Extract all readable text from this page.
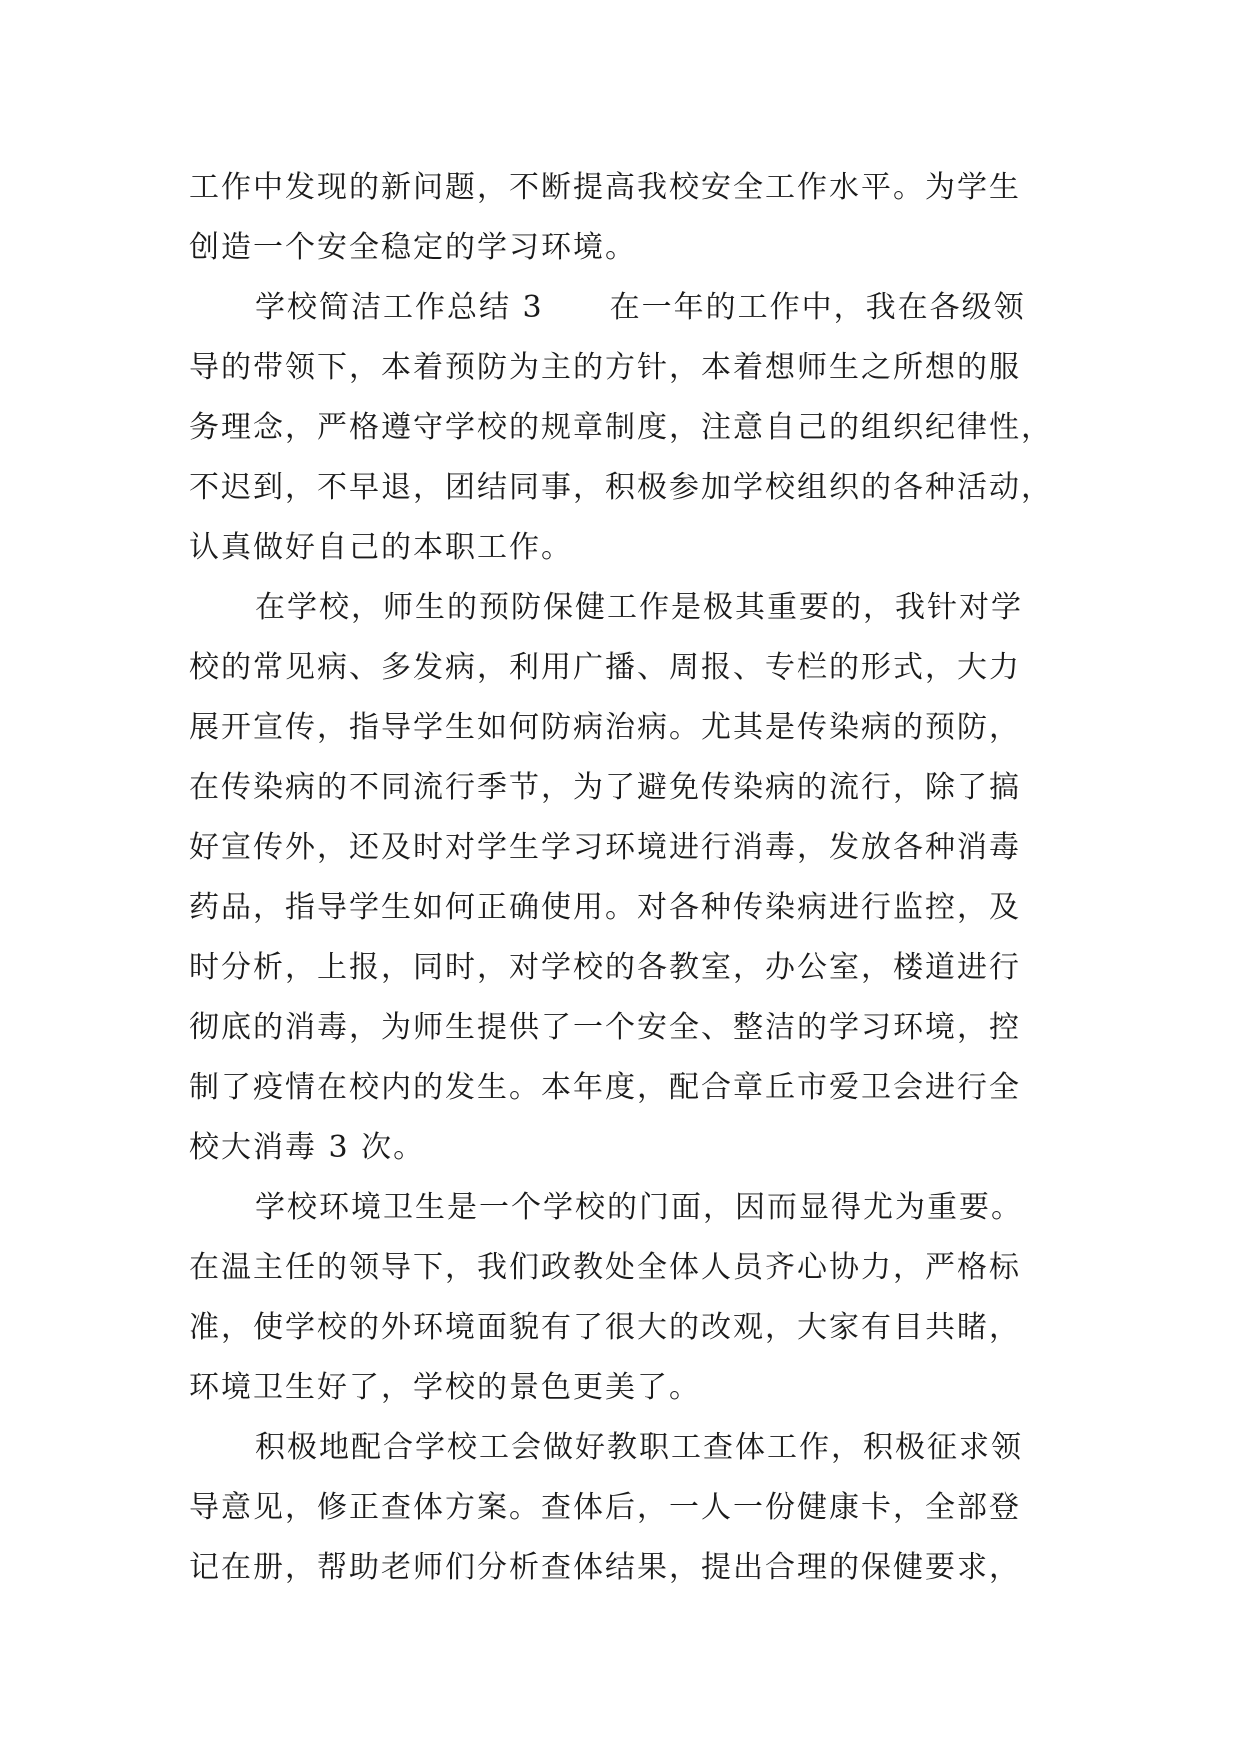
工作中发现的新问题，不断提高我校安全工作水平。为学生
创造一个安全稳定的学习环境。
学校简洁工作总结 3 在一年的工作中，我在各级领
导的带领下，本着预防为主的方针，本着想师生之所想的服
务理念，严格遵守学校的规章制度，注意自己的组织纪律性，
不迟到，不早退，团结同事，积极参加学校组织的各种活动，
认真做好自己的本职工作。
在学校，师生的预防保健工作是极其重要的，我针对学
校的常见病、多发病，利用广播、周报、专栏的形式，大力
展开宣传，指导学生如何防病治病。尤其是传染病的预防，
在传染病的不同流行季节，为了避免传染病的流行，除了搞
好宣传外，还及时对学生学习环境进行消毒，发放各种消毒
药品，指导学生如何正确使用。对各种传染病进行监控，及
时分析，上报，同时，对学校的各教室，办公室，楼道进行
彻底的消毒，为师生提供了一个安全、整洁的学习环境，控
制了疫情在校内的发生。本年度，配合章丘市爱卫会进行全
校大消毒 3 次。
学校环境卫生是一个学校的门面，因而显得尤为重要。
在温主任的领导下，我们政教处全体人员齐心协力，严格标
准，使学校的外环境面貌有了很大的改观，大家有目共睹，
环境卫生好了，学校的景色更美了。
积极地配合学校工会做好教职工查体工作，积极征求领
导意见，修正查体方案。查体后，一人一份健康卡，全部登
记在册，帮助老师们分析查体结果，提出合理的保健要求，
